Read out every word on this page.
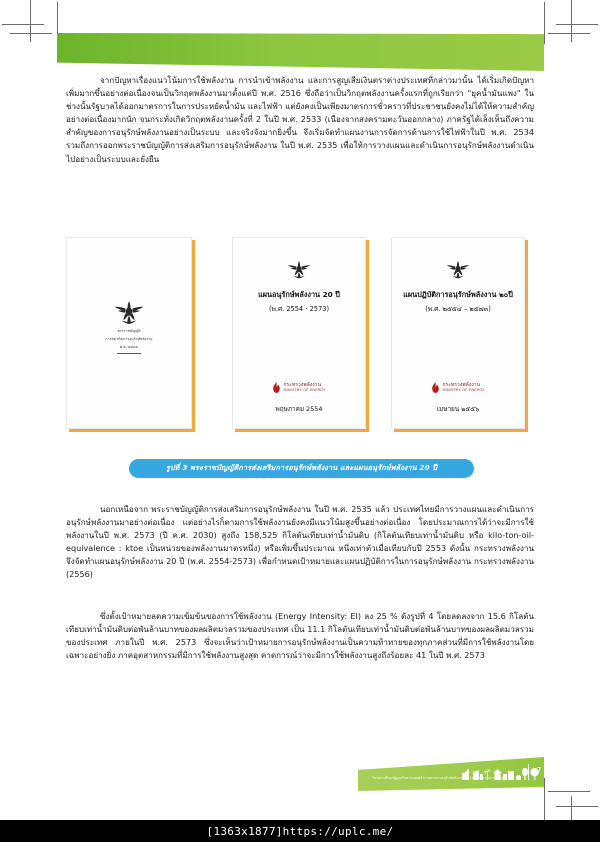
จากปัญหาเรื่องแนวโน้มการใช้พลังงาน การนำเข้าพลังงาน และการสูญเสียเงินตราต่างประเทศที่กล่าวมานั้น ได้เริ่มเกิดปัญหาเพิ่มมากขึ้นอย่างต่อเนื่องจนเป็นวิกฤตพลังงานมาตั้งแต่ปี พ.ศ. 2516 ซึ่งถือว่าเป็นวิกฤตพลังงานครั้งแรกที่ถูกเรียกว่า "ยุคน้ำมันแพง" ในช่วงนั้นรัฐบาลได้ออกมาตรการในการประหยัดน้ำมัน และไฟฟ้า แต่ยังคงเป็นเพียงมาตรการชั่วคราวที่ประชาชนยังคงไม่ได้ให้ความสำคัญอย่างต่อเนื่องมากนัก จนกระทั่งเกิดวิกฤตพลังงานครั้งที่ 2 ในปี พ.ศ. 2533 (เนื่องจากสงครามตะวันออกกลาง) ภาครัฐได้เล็งเห็นถึงความสำคัญของการอนุรักษ์พลังงานอย่างเป็นระบบ และจริงจังมากยิ่งขึ้น จึงเริ่มจัดทำแผนงานการจัดการด้านการใช้ไฟฟ้าในปี พ.ศ. 2534 รวมถึงการออกพระราชบัญญัติการส่งเสริมการอนุรักษ์พลังงาน ในปี พ.ศ. 2535 เพื่อให้การวางแผนและดำเนินการอนุรักษ์พลังงานดำเนินไปอย่างเป็นระบบและยั่งยืน

นอกเหนือจาก พระราชบัญญัติการส่งเสริมการอนุรักษ์พลังงาน ในปี พ.ศ. 2535 แล้ว ประเทศไทยมีการวางแผนและดำเนินการอนุรักษ์พลังงานมาอย่างต่อเนื่อง แต่อย่างไรก็ตามการใช้พลังงานยังคงมีแนวโน้มสูงขึ้นอย่างต่อเนื่อง โดยประมาณการได้ว่าจะมีการใช้พลังงานในปี พ.ศ. 2573 (ปี ค.ศ. 2030) สูงถึง 158,525 กิโลตันเทียบเท่าน้ำมันดิบ (กิโลตันเทียบเท่าน้ำมันดิบ หรือ kilo-ton-oil-equivalence : ktoe เป็นหน่วยของพลังงานมาตรหนึ่ง) หรือเพิ่มขึ้นประมาณ หนึ่งเท่าตัวเมื่อเทียบกับปี 2553 ดังนั้น กระทรวงพลังงาน จึงจัดทำแผนอนุรักษ์พลังงาน 20 ปี (พ.ศ. 2554-2573) เพื่อกำหนดเป้าหมายและแผนปฏิบัติการในการอนุรักษ์พลังงาน กระทรวงพลังงาน (2556)

ซึ่งตั้งเป้าหมายลดความเข้มข้นของการใช้พลังงาน (Energy Intensity: EI) ลง 25 % ดังรูปที่ 4 โดยลดลงจาก 15.6 กิโลตันเทียบเท่าน้ำมันดิบต่อพันล้านบาทของผลผลิตมวลรวมของประเทศ เป็น 11.1 กิโลตันเทียบเท่าน้ำมันดิบต่อพันล้านบาทของผลผลิตมวลรวมของประเทศ ภายในปี พ.ศ. 2573 ซึ่งจะเห็นว่าเป้าหมายการอนุรักษ์พลังงานเป็นความท้าทายของทุกภาคส่วนที่มีการใช้พลังงานโดยเฉพาะอย่างยิ่ง ภาคอุตสาหกรรมที่มีการใช้พลังงานสูงสุด คาดการณ์ว่าจะมีการใช้พลังงานสูงถึงร้อยละ 41 ในปี พ.ศ. 2573

พระราชบัญญัติ
การส่งเสริมการอนุรักษ์พลังงาน
พ.ศ. ๒๕๓๕
แผนอนุรักษ์พลังงาน 20 ปี
(พ.ศ. 2554 - 2573)
กระทรวงพลังงาน
MINISTRY OF ENERGY
พฤษภาคม 2554
แผนปฏิบัติการอนุรักษ์พลังงาน ๒๐ปี
(พ.ศ. ๒๕๕๔ – ๒๕๗๓)
กระทรวงพลังงาน
MINISTRY OF ENERGY
เมษายน ๒๕๕๖
รูปที่ 3 พระราชบัญญัติการส่งเสริมการอนุรักษ์พลังงาน และแผนอนุรักษ์พลังงาน 20 ปี
โครงการศึกษาผู้ดูแลรักษาระบบพลังงานทางการอนุรักษ์พลังงานในโรงงานและอาคารควบคุม
7
[1363x1877]https://uplc.me/
